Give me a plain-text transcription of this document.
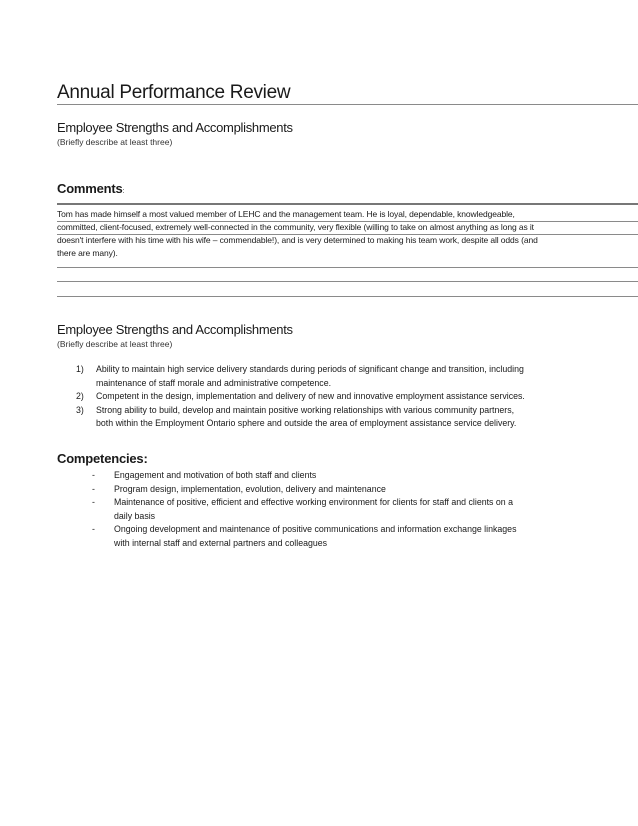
Annual Performance Review
Employee Strengths and Accomplishments
(Briefly describe at least three)
Comments:
Tom has made himself a most valued member of LEHC and the management team. He is loyal, dependable, knowledgeable,
committed, client-focused, extremely well-connected in the community, very flexible (willing to take on almost anything as long as it
doesn't interfere with his time with his wife – commendable!), and is very determined to making his team work, despite all odds (and
there are many).
Employee Strengths and Accomplishments
(Briefly describe at least three)
1) Ability to maintain high service delivery standards during periods of significant change and transition, including
maintenance of staff morale and administrative competence.
2) Competent in the design, implementation and delivery of new and innovative employment assistance services.
3) Strong ability to build, develop and maintain positive working relationships with various community partners,
both within the Employment Ontario sphere and outside the area of employment assistance service delivery.
Competencies:
- Engagement and motivation of both staff and clients
- Program design, implementation, evolution, delivery and maintenance
- Maintenance of positive, efficient and effective working environment for clients for staff and clients on a
daily basis
- Ongoing development and maintenance of positive communications and information exchange linkages
with internal staff and external partners and colleagues
